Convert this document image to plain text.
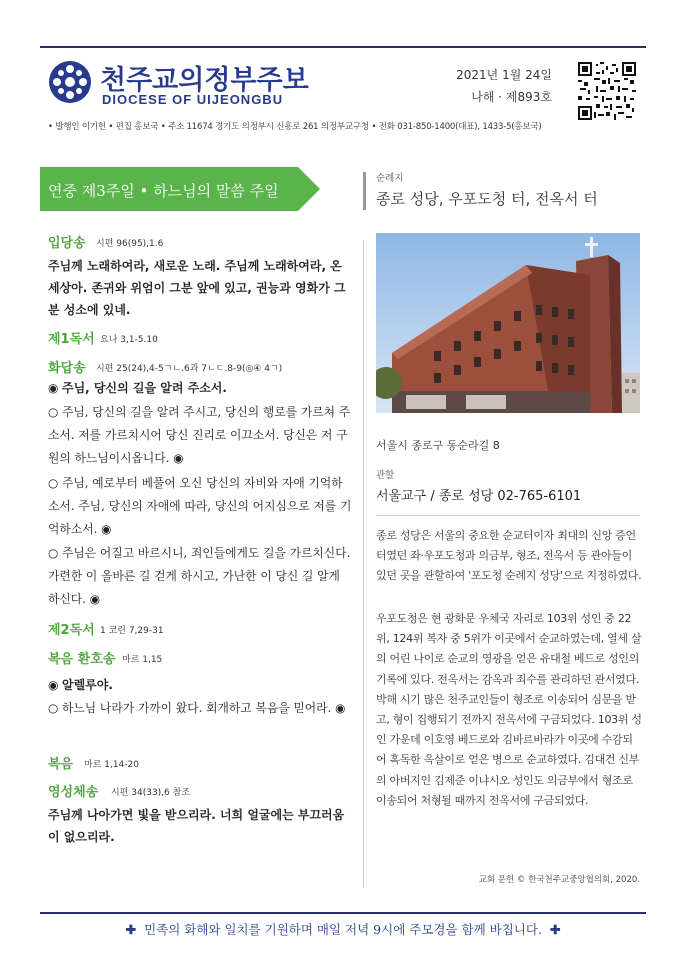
천주교의정부주보
DIOCESE OF UIJEONGBU
2021년 1월 24일
나해 · 제893호
• 발행인 이기헌 • 편집 홍보국 • 주소 11674 경기도 의정부시 신흥로 261 의정부교구청 • 전화 031-850-1400(대표), 1433-5(홍보국)
연중 제3주일 • 하느님의 말씀 주일
입당송 시편 96(95),1.6
주님께 노래하여라, 새로운 노래. 주님께 노래하여라, 온 세상아. 존귀와 위엄이 그분 앞에 있고, 권능과 영화가 그분 성소에 있네.
제1독서 요나 3,1-5.10
화답송 시편 25(24),4-5ㄱㄴ.6과 7ㄴㄷ.8-9(◎④ 4ㄱ)
◉ 주님, 당신의 길을 알려 주소서.
○ 주님, 당신의 길을 알려 주시고, 당신의 행로를 가르쳐 주소서. 저를 가르치시어 당신 진리로 이끄소서. 당신은 저 구원의 하느님이시옵니다. ◉
○ 주님, 예로부터 베풀어 오신 당신의 자비와 자애 기억하소서. 주님, 당신의 자애에 따라, 당신의 어지심으로 저를 기억하소서. ◉
○ 주님은 어질고 바르시니, 죄인들에게도 길을 가르치신다. 가련한 이 올바른 길 걷게 하시고, 가난한 이 당신 길 알게 하신다. ◉
제2독서 1 코린 7,29-31
복음 환호송 마르 1,15
◉ 알렐루야.
○ 하느님 나라가 가까이 왔다. 회개하고 복음을 믿어라. ◉
복음 마르 1,14-20
영성체송 시편 34(33),6 참조
주님께 나아가면 빛을 받으리라. 너희 얼굴에는 부끄러움이 없으리라.
순례지
종로 성당, 우포도청 터, 전옥서 터
서울시 종로구 동순라길 8
관할
서울교구 / 종로 성당 02-765-6101
종로 성당은 서울의 중요한 순교터이자 최대의 신앙 증언 터였던 좌·우포도청과 의금부, 형조, 전옥서 등 관아들이 있던 곳을 관할하여 '포도청 순례지 성당'으로 지정하였다.
우포도청은 현 광화문 우체국 자리로 103위 성인 중 22위, 124위 복자 중 5위가 이곳에서 순교하였는데, 열세 살의 어린 나이로 순교의 영광을 얻은 유대철 베드로 성인의 기록에 있다. 전옥서는 감옥과 죄수를 관리하던 관서였다. 박해 시기 많은 천주교인들이 형조로 이송되어 심문을 받고, 형이 집행되기 전까지 전옥서에 구금되었다. 103위 성인 가운데 이호영 베드로와 김바르바라가 이곳에 수감되어 혹독한 옥살이로 얻은 병으로 순교하였다. 김대건 신부의 아버지인 김제준 이냐시오 성인도 의금부에서 형조로 이송되어 처형될 때까지 전옥서에 구금되었다.
교회 문헌 © 한국천주교중앙협의회, 2020.
✚ 민족의 화해와 일치를 기원하며 매일 저녁 9시에 주모경을 함께 바칩니다. ✚
